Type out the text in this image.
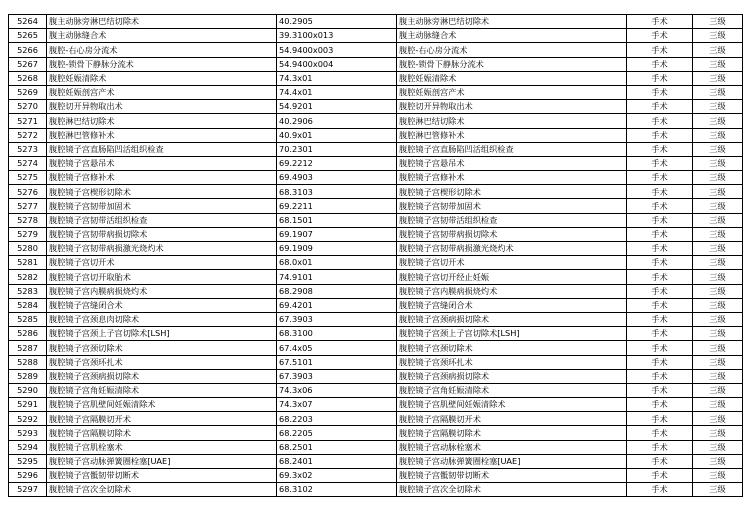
5264	腹主动脉旁淋巴结切除术	40.2905	腹主动脉旁淋巴结切除术	手术	三级
5265	腹主动脉缝合术	39.3100x013	腹主动脉缝合术	手术	三级
5266	腹腔-右心房分流术	54.9400x003	腹腔-右心房分流术	手术	三级
5267	腹腔-锁骨下静脉分流术	54.9400x004	腹腔-锁骨下静脉分流术	手术	三级
5268	腹腔妊娠清除术	74.3x01	腹腔妊娠清除术	手术	三级
5269	腹腔妊娠剖宫产术	74.4x01	腹腔妊娠剖宫产术	手术	三级
5270	腹腔切开异物取出术	54.9201	腹腔切开异物取出术	手术	三级
5271	腹腔淋巴结切除术	40.2906	腹腔淋巴结切除术	手术	三级
5272	腹腔淋巴管修补术	40.9x01	腹腔淋巴管修补术	手术	三级
5273	腹腔镜子宫直肠陷凹活组织检查	70.2301	腹腔镜子宫直肠陷凹活组织检查	手术	三级
5274	腹腔镜子宫悬吊术	69.2212	腹腔镜子宫悬吊术	手术	三级
5275	腹腔镜子宫修补术	69.4903	腹腔镜子宫修补术	手术	三级
5276	腹腔镜子宫楔形切除术	68.3103	腹腔镜子宫楔形切除术	手术	三级
5277	腹腔镜子宫韧带加固术	69.2211	腹腔镜子宫韧带加固术	手术	三级
5278	腹腔镜子宫韧带活组织检查	68.1501	腹腔镜子宫韧带活组织检查	手术	三级
5279	腹腔镜子宫韧带病损切除术	69.1907	腹腔镜子宫韧带病损切除术	手术	三级
5280	腹腔镜子宫韧带病损激光烧灼术	69.1909	腹腔镜子宫韧带病损激光烧灼术	手术	三级
5281	腹腔镜子宫切开术	68.0x01	腹腔镜子宫切开术	手术	三级
5282	腹腔镜子宫切开取胎术	74.9101	腹腔镜子宫切开经止妊娠	手术	三级
5283	腹腔镜子宫内膜病损烧灼术	68.2908	腹腔镜子宫内膜病损烧灼术	手术	三级
5284	腹腔镜子宫缝闭合术	69.4201	腹腔镜子宫缝闭合术	手术	三级
5285	腹腔镜子宫颈息肉切除术	67.3903	腹腔镜子宫颈病损切除术	手术	三级
5286	腹腔镜子宫颈上子宫切除术[LSH]	68.3100	腹腔镜子宫颈上子宫切除术[LSH]	手术	三级
5287	腹腔镜子宫颈切除术	67.4x05	腹腔镜子宫颈切除术	手术	三级
5288	腹腔镜子宫颈环扎术	67.5101	腹腔镜子宫颈环扎术	手术	三级
5289	腹腔镜子宫颈病损切除术	67.3903	腹腔镜子宫颈病损切除术	手术	三级
5290	腹腔镜子宫角妊娠清除术	74.3x06	腹腔镜子宫角妊娠清除术	手术	三级
5291	腹腔镜子宫肌壁间妊娠清除术	74.3x07	腹腔镜子宫肌壁间妊娠清除术	手术	三级
5292	腹腔镜子宫隔膜切开术	68.2203	腹腔镜子宫隔膜切开术	手术	三级
5293	腹腔镜子宫隔膜切除术	68.2205	腹腔镜子宫隔膜切除术	手术	三级
5294	腹腔镜子宫肌栓塞术	68.2501	腹腔镜子宫动脉栓塞术	手术	三级
5295	腹腔镜子宫动脉弹簧圈栓塞[UAE]	68.2401	腹腔镜子宫动脉弹簧圈栓塞[UAE]	手术	三级
5296	腹腔镜子宫骶韧带切断术	69.3x02	腹腔镜子宫骶韧带切断术	手术	三级
5297	腹腔镜子宫次全切除术	68.3102	腹腔镜子宫次全切除术	手术	三级
